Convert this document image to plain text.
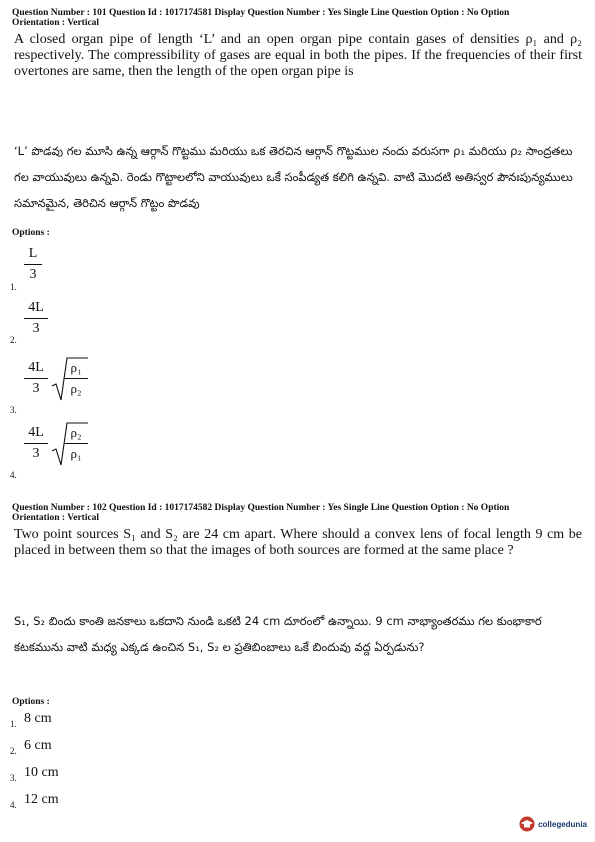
Question Number : 101 Question Id : 1017174581 Display Question Number : Yes Single Line Question Option : No Option
Orientation : Vertical
A closed organ pipe of length ‘L’ and an open organ pipe contain gases of densities ρ₁ and ρ₂ respectively. The compressibility of gases are equal in both the pipes. If the frequencies of their first overtones are same, then the length of the open organ pipe is
‘L’ పొడవు గల మూసి ఉన్న ఆర్గాన్ గొట్టము మరియు ఒక తెరచిన ఆర్గాన్ గొట్టముల నందు వరుసగా ρ₁ మరియు ρ₂ సాంద్రతలు గల వాయువులు ఉన్నవి. రెండు గొట్టాలలోని వాయువులు ఒకే సంపీడ్యత కలిగి ఉన్నవి. వాటి మొదటి అతిస్వర పౌనఃపున్యములు సమానమైన, తెరిచిన ఆర్గాన్ గొట్టం పొడవు
Options :
1.
L
3
2.
4L
3
3.
4L
3
ρ₁
ρ₂
4.
4L
3
ρ₂
ρ₁
Question Number : 102 Question Id : 1017174582 Display Question Number : Yes Single Line Question Option : No Option
Orientation : Vertical
Two point sources S₁ and S₂ are 24 cm apart. Where should a convex lens of focal length 9 cm be placed in between them so that the images of both sources are formed at the same place ?
S₁, S₂ బిందు కాంతి జనకాలు ఒకదాని నుండి ఒకటి 24 cm దూరంలో ఉన్నాయి. 9 cm నాభ్యాంతరము గల కుంభాకార కటకమును వాటి మధ్య ఎక్కడ ఉంచిన S₁, S₂ ల ప్రతిబింబాలు ఒకే బిందువు వద్ద ఏర్పడును?
Options :
1. 8 cm
2. 6 cm
3. 10 cm
4. 12 cm
collegedunia
